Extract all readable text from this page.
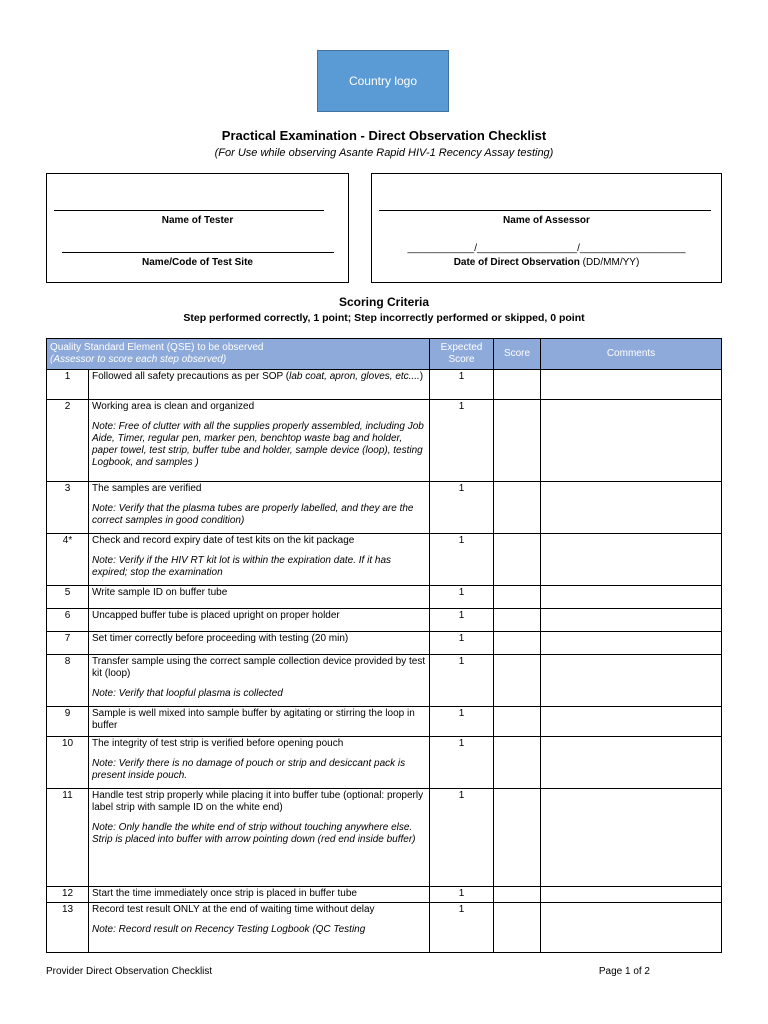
Country logo
Practical Examination - Direct Observation Checklist
(For Use while observing Asante Rapid HIV-1 Recency Assay testing)
Name of Tester
Name/Code of Test Site
Name of Assessor
____________/__________________/___________________
Date of Direct Observation (DD/MM/YY)
Scoring Criteria
Step performed correctly, 1 point; Step incorrectly performed or skipped, 0 point
Quality Standard Element (QSE) to be observed
(Assessor to score each step observed)		Expected Score	Score	Comments
1	Followed all safety precautions as per SOP (lab coat, apron, gloves, etc....)	1		
2	Working area is clean and organized
Note: Free of clutter with all the supplies properly assembled, including Job Aide, Timer, regular pen, marker pen, benchtop waste bag and holder, paper towel, test strip, buffer tube and holder, sample device (loop), testing Logbook, and samples )	1		
3	The samples are verified
Note: Verify that the plasma tubes are properly labelled, and they are the correct samples in good condition)	1		
4*	Check and record expiry date of test kits on the kit package
Note: Verify if the HIV RT kit lot is within the expiration date. If it has expired; stop the examination	1		
5	Write sample ID on buffer tube	1		
6	Uncapped buffer tube is placed upright on proper holder	1		
7	Set timer correctly before proceeding with testing (20 min)	1		
8	Transfer sample using the correct sample collection device provided by test kit (loop)
Note: Verify that loopful plasma is collected	1		
9	Sample is well mixed into sample buffer by agitating or stirring the loop in buffer	1		
10	The integrity of test strip is verified before opening pouch
Note: Verify there is no damage of pouch or strip and desiccant pack is present inside pouch.	1		
11	Handle test strip properly while placing it into buffer tube (optional: properly label strip with sample ID on the white end)
Note: Only handle the white end of strip without touching anywhere else. Strip is placed into buffer with arrow pointing down (red end inside buffer)	1		
12	Start the time immediately once strip is placed in buffer tube	1		
13	Record test result ONLY at the end of waiting time without delay
Note: Record result on Recency Testing Logbook (QC Testing	1		
Provider Direct Observation Checklist	Page 1 of 2
